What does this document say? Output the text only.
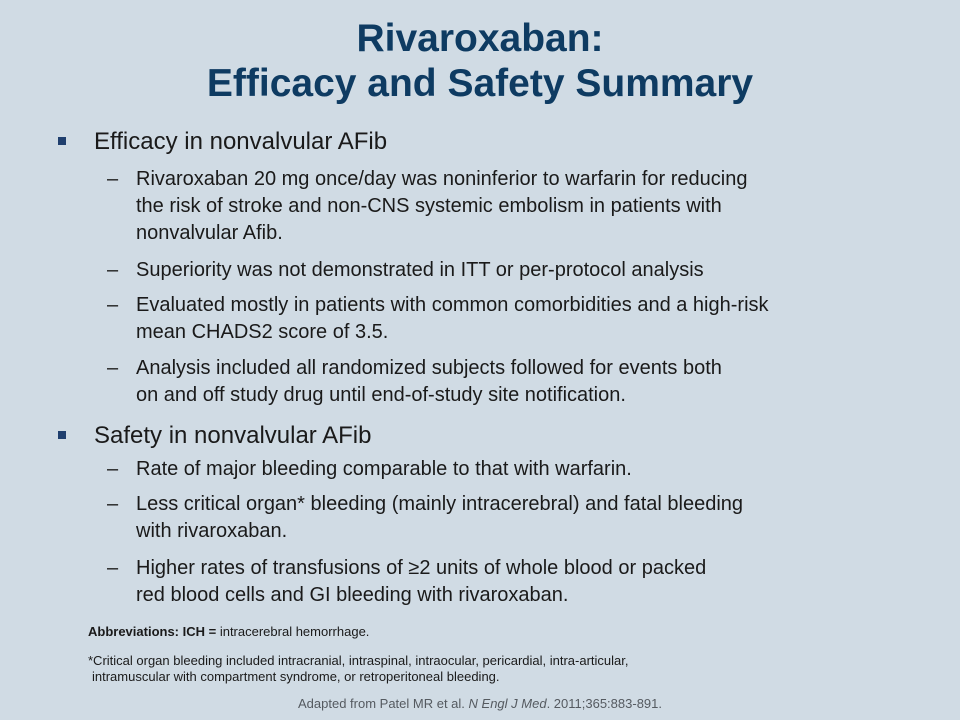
Rivaroxaban:
Efficacy and Safety Summary
Efficacy in nonvalvular AFib
– Rivaroxaban 20 mg once/day was noninferior to warfarin for reducing
the risk of stroke and non-CNS systemic embolism in patients with
nonvalvular Afib.
– Superiority was not demonstrated in ITT or per-protocol analysis
– Evaluated mostly in patients with common comorbidities and a high-risk
mean CHADS2 score of 3.5.
– Analysis included all randomized subjects followed for events both
on and off study drug until end-of-study site notification.
Safety in nonvalvular AFib
– Rate of major bleeding comparable to that with warfarin.
– Less critical organ* bleeding (mainly intracerebral) and fatal bleeding
with rivaroxaban.
– Higher rates of transfusions of ≥2 units of whole blood or packed
red blood cells and GI bleeding with rivaroxaban.
Abbreviations: ICH = intracerebral hemorrhage.
*Critical organ bleeding included intracranial, intraspinal, intraocular, pericardial, intra-articular,
intramuscular with compartment syndrome, or retroperitoneal bleeding.
Adapted from Patel MR et al. N Engl J Med. 2011;365:883-891.
